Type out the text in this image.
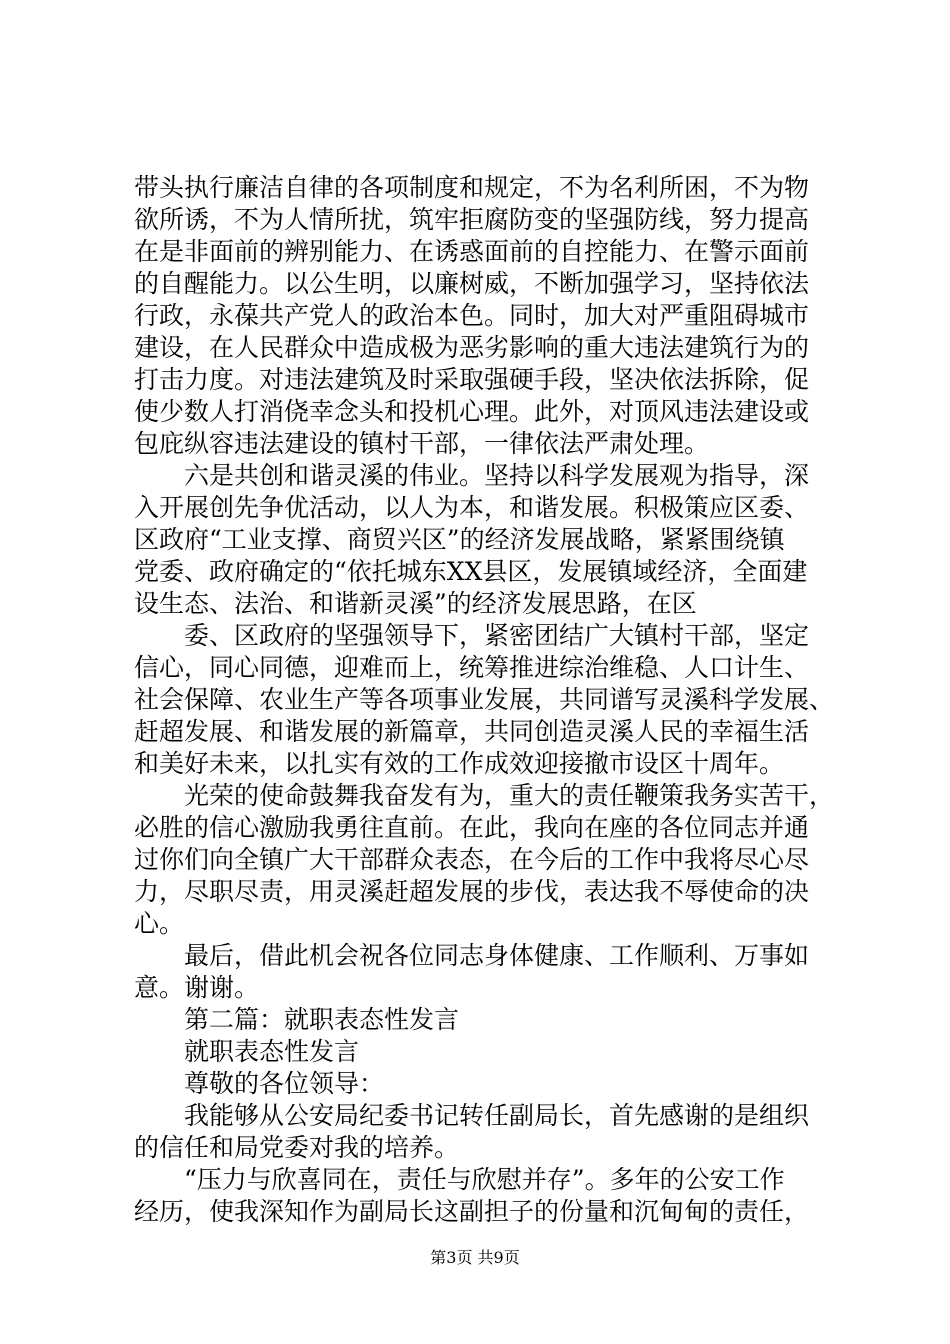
带头执行廉洁自律的各项制度和规定，不为名利所困，不为物
欲所诱，不为人情所扰，筑牢拒腐防变的坚强防线，努力提高
在是非面前的辨别能力、在诱惑面前的自控能力、在警示面前
的自醒能力。以公生明，以廉树威，不断加强学习，坚持依法
行政，永葆共产党人的政治本色。同时，加大对严重阻碍城市
建设，在人民群众中造成极为恶劣影响的重大违法建筑行为的
打击力度。对违法建筑及时采取强硬手段，坚决依法拆除，促
使少数人打消侥幸念头和投机心理。此外，对顶风违法建设或
包庇纵容违法建设的镇村干部，一律依法严肃处理。
六是共创和谐灵溪的伟业。坚持以科学发展观为指导，深
入开展创先争优活动，以人为本，和谐发展。积极策应区委、
区政府“工业支撑、商贸兴区”的经济发展战略，紧紧围绕镇
党委、政府确定的“依托城东XX县区，发展镇域经济，全面建
设生态、法治、和谐新灵溪”的经济发展思路，在区
委、区政府的坚强领导下，紧密团结广大镇村干部，坚定
信心，同心同德，迎难而上，统筹推进综治维稳、人口计生、
社会保障、农业生产等各项事业发展，共同谱写灵溪科学发展、
赶超发展、和谐发展的新篇章，共同创造灵溪人民的幸福生活
和美好未来，以扎实有效的工作成效迎接撤市设区十周年。
光荣的使命鼓舞我奋发有为，重大的责任鞭策我务实苦干，
必胜的信心激励我勇往直前。在此，我向在座的各位同志并通
过你们向全镇广大干部群众表态，在今后的工作中我将尽心尽
力，尽职尽责，用灵溪赶超发展的步伐，表达我不辱使命的决
心。
最后，借此机会祝各位同志身体健康、工作顺利、万事如
意。谢谢。
第二篇：就职表态性发言
就职表态性发言
尊敬的各位领导：
我能够从公安局纪委书记转任副局长，首先感谢的是组织
的信任和局党委对我的培养。
“压力与欣喜同在，责任与欣慰并存”。多年的公安工作
经历，使我深知作为副局长这副担子的份量和沉甸甸的责任，
第3页 共9页
